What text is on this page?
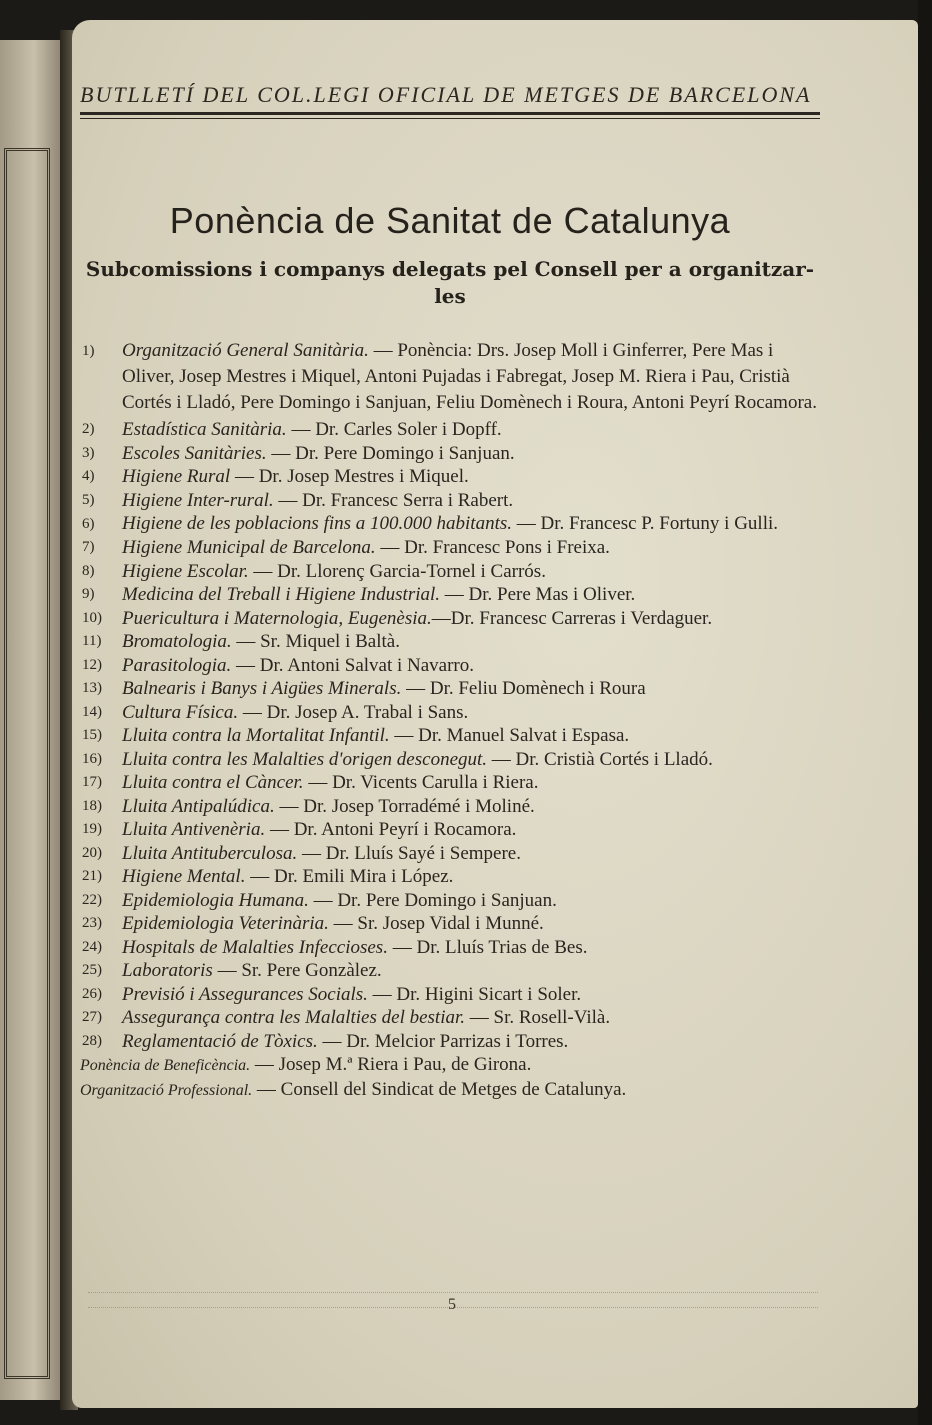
BUTLLETÍ DEL COL.LEGI OFICIAL DE METGES DE BARCELONA
Ponència de Sanitat de Catalunya
Subcomissions i companys delegats pel Consell per a organitzar-les
1) Organització General Sanitària. — Ponència: Drs. Josep Moll i Ginferrer, Pere Mas i Oliver, Josep Mestres i Miquel, Antoni Pujadas i Fabregat, Josep M. Riera i Pau, Cristià Cortés i Lladó, Pere Domingo i Sanjuan, Feliu Domènech i Roura, Antoni Peyrí Rocamora.
2) Estadística Sanitària. — Dr. Carles Soler i Dopff.
3) Escoles Sanitàries. — Dr. Pere Domingo i Sanjuan.
4) Higiene Rural — Dr. Josep Mestres i Miquel.
5) Higiene Inter-rural. — Dr. Francesc Serra i Rabert.
6) Higiene de les poblacions fins a 100.000 habitants. — Dr. Francesc P. Fortuny i Gulli.
7) Higiene Municipal de Barcelona. — Dr. Francesc Pons i Freixa.
8) Higiene Escolar. — Dr. Llorenç Garcia-Tornel i Carrós.
9) Medicina del Treball i Higiene Industrial. — Dr. Pere Mas i Oliver.
10) Puericultura i Maternologia, Eugenèsia.—Dr. Francesc Carreras i Verdaguer.
11) Bromatologia. — Sr. Miquel i Baltà.
12) Parasitologia. — Dr. Antoni Salvat i Navarro.
13) Balnearis i Banys i Aigües Minerals. — Dr. Feliu Domènech i Roura
14) Cultura Física. — Dr. Josep A. Trabal i Sans.
15) Lluita contra la Mortalitat Infantil. — Dr. Manuel Salvat i Espasa.
16) Lluita contra les Malalties d'origen desconegut. — Dr. Cristià Cortés i Lladó.
17) Lluita contra el Càncer. — Dr. Vicents Carulla i Riera.
18) Lluita Antipalúdica. — Dr. Josep Torradémé i Moliné.
19) Lluita Antivenèria. — Dr. Antoni Peyrí i Rocamora.
20) Lluita Antituberculosa. — Dr. Lluís Sayé i Sempere.
21) Higiene Mental. — Dr. Emili Mira i López.
22) Epidemiologia Humana. — Dr. Pere Domingo i Sanjuan.
23) Epidemiologia Veterinària. — Sr. Josep Vidal i Munné.
24) Hospitals de Malalties Infeccioses. — Dr. Lluís Trias de Bes.
25) Laboratoris — Sr. Pere Gonzàlez.
26) Previsió i Assegurances Socials. — Dr. Higini Sicart i Soler.
27) Assegurança contra les Malalties del bestiar. — Sr. Rosell-Vilà.
28) Reglamentació de Tòxics. — Dr. Melcior Parrizas i Torres.
Ponència de Beneficència. — Josep M.ª Riera i Pau, de Girona.
Organització Professional. — Consell del Sindicat de Metges de Catalunya.
5
